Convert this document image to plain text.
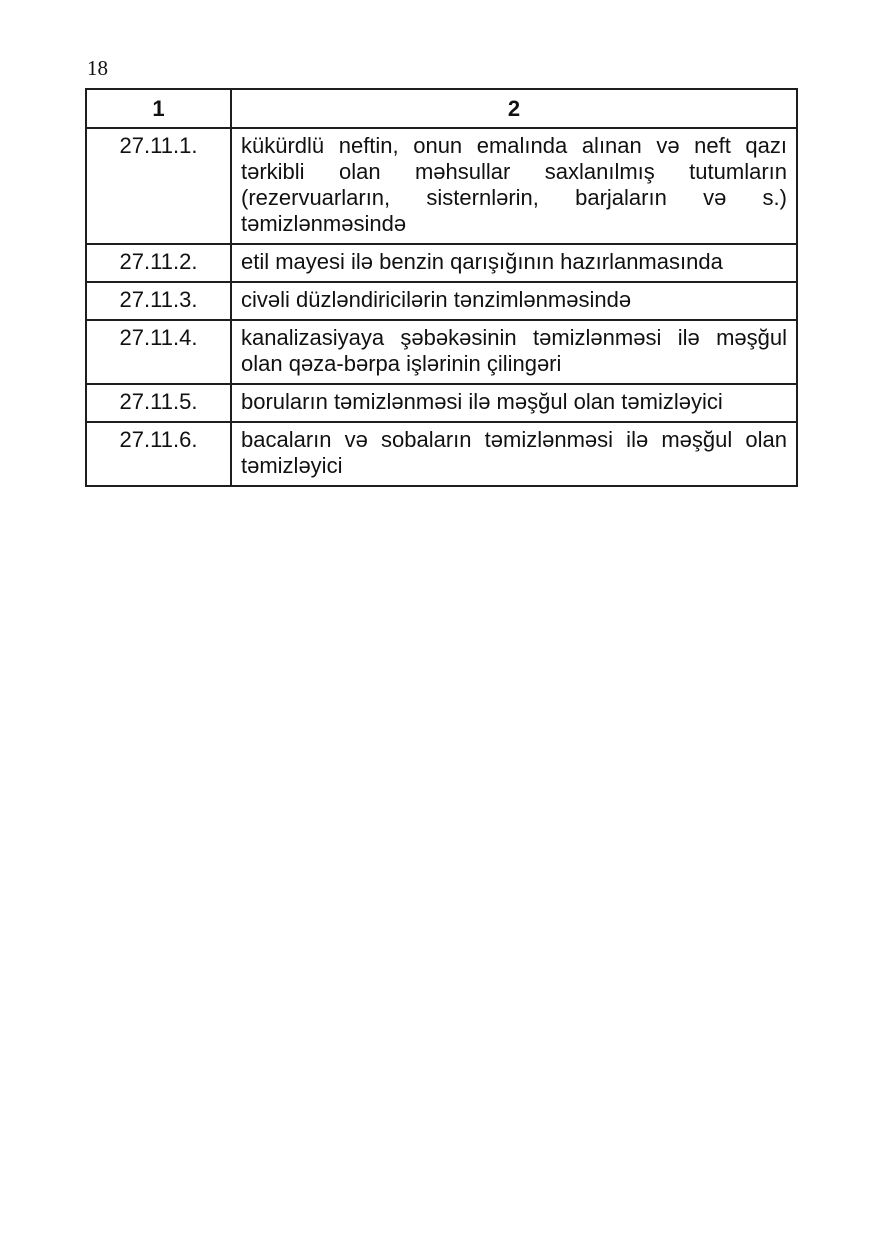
18
1	2
27.11.1.	kükürdlü neftin, onun emalında alınan və neft qazı tərkibli olan məhsullar saxlanılmış tutumların (rezervuarların, sisternlərin, barjaların və s.) təmizlənməsində
27.11.2.	etil mayesi ilə benzin qarışığının hazırlanmasında
27.11.3.	civəli düzləndiricilərin tənzimlənməsində
27.11.4.	kanalizasiyaya şəbəkəsinin təmizlənməsi ilə məşğul olan qəza-bərpa işlərinin çilingəri
27.11.5.	boruların təmizlənməsi ilə məşğul olan təmizləyici
27.11.6.	bacaların və sobaların təmizlənməsi ilə məşğul olan təmizləyici
